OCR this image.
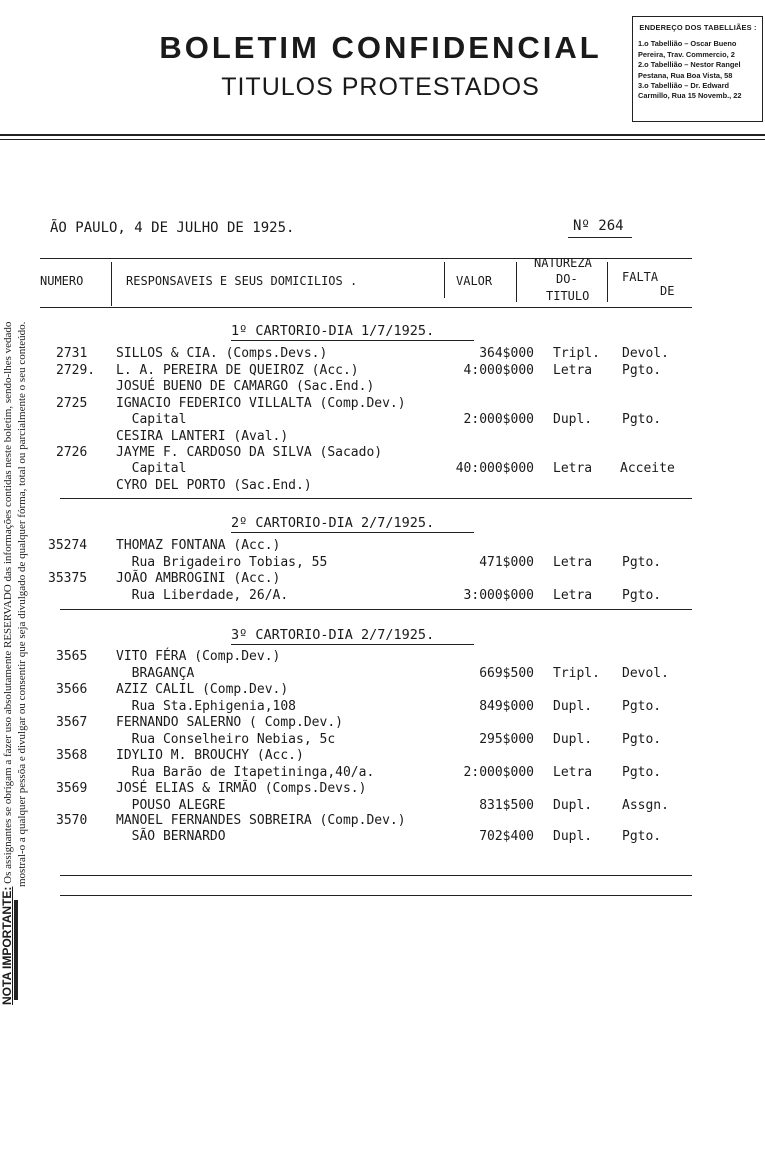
BOLETIM CONFIDENCIAL
TITULOS PROTESTADOS
ENDEREÇO DOS TABELLIÃES :
1.o Tabellião – Oscar Bueno
Pereira, Trav. Commercio, 2
2.o Tabellião – Nestor Rangel
Pestana, Rua Boa Vista, 58
3.o Tabellião – Dr. Edward
Carmillo, Rua 15 Novemb., 22
NOTA IMPORTANTE: Os assignantes se obrigam a fazer uso absolutamente RESERVADO das informações contidas neste boletim, sendo-lhes vedado mostral-o a qualquer pessôa e divulgar ou consentir que seja divulgado de qualquer fórma, total ou parcialmente o seu conteúdo.
ÃO PAULO, 4 DE JULHO DE 1925.	Nº 264
NUMERO	RESPONSAVEIS E SEUS DOMICILIOS .	VALOR
NATUREZA
DO-
TITULO
FALTA
DE
1º CARTORIO-DIA 1/7/1925.
2731 SILLOS & CIA. (Comps.Devs.)	364$000 Tripl. Devol.
2729. L. A. PEREIRA DE QUEIROZ (Acc.)
JOSUÉ BUENO DE CAMARGO (Sac.End.)
4:000$000 Letra Pgto.
2725 IGNACIO FEDERICO VILLALTA (Comp.Dev.)
Capital
CESIRA LANTERI (Aval.)
2:000$000 Dupl. Pgto.
2726 JAYME F. CARDOSO DA SILVA (Sacado)
Capital
CYRO DEL PORTO (Sac.End.)
40:000$000 Letra Acceite
2º CARTORIO-DIA 2/7/1925.
35274 THOMAZ FONTANA (Acc.)
Rua Brigadeiro Tobias, 55	471$000 Letra Pgto.
35375 JOÃO AMBROGINI (Acc.)
Rua Liberdade, 26/A.	3:000$000 Letra Pgto.
3º CARTORIO-DIA 2/7/1925.
3565 VITO FÉRA (Comp.Dev.)
BRAGANÇA	669$500 Tripl. Devol.
3566 AZIZ CALIL (Comp.Dev.)
Rua Sta.Ephigenia,108	849$000 Dupl. Pgto.
3567 FERNANDO SALERNO ( Comp.Dev.)
Rua Conselheiro Nebias, 5c	295$000 Dupl. Pgto.
3568 IDYLIO M. BROUCHY (Acc.)
Rua Barão de Itapetininga,40/a.	2:000$000 Letra Pgto.
3569 JOSÉ ELIAS & IRMÃO (Comps.Devs.)
POUSO ALEGRE	831$500 Dupl. Assgn.
3570 MANOEL FERNANDES SOBREIRA (Comp.Dev.)
SÃO BERNARDO	702$400 Dupl. Pgto.
